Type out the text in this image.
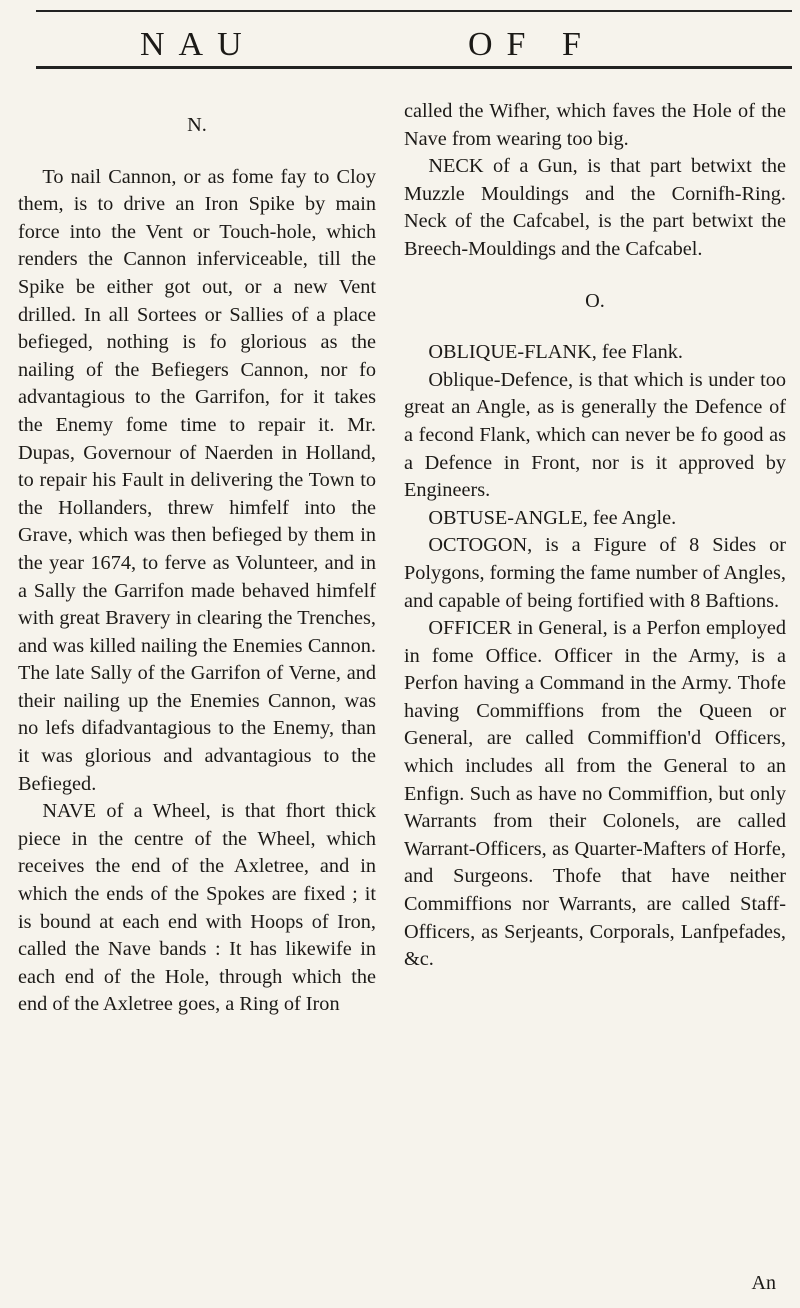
NAU	OF F

N.

To nail Cannon, or as fome fay to Cloy them, is to drive an Iron Spike by main force into the Vent or Touch-hole, which renders the Cannon inferviceable, till the Spike be either got out, or a new Vent drilled. In all Sortees or Sallies of a place befieged, nothing is fo glorious as the nailing of the Befiegers Cannon, nor fo advantagious to the Garrifon, for it takes the Enemy fome time to repair it. Mr. Dupas, Governour of Naerden in Holland, to repair his Fault in delivering the Town to the Hollanders, threw himfelf into the Grave, which was then befieged by them in the year 1674, to ferve as Volunteer, and in a Sally the Garrifon made behaved himfelf with great Bravery in clearing the Trenches, and was killed nailing the Enemies Cannon. The late Sally of the Garrifon of Verne, and their nailing up the Enemies Cannon, was no lefs difadvantagious to the Enemy, than it was glorious and advantagious to the Befieged.

NAVE of a Wheel, is that fhort thick piece in the centre of the Wheel, which receives the end of the Axletree, and in which the ends of the Spokes are fixed ; it is bound at each end with Hoops of Iron, called the Nave bands : It has likewife in each end of the Hole, through which the end of the Axletree goes, a Ring of Iron

called the Wifher, which faves the Hole of the Nave from wearing too big.

NECK of a Gun, is that part betwixt the Muzzle Mouldings and the Cornifh-Ring. Neck of the Cafcabel, is the part betwixt the Breech-Mouldings and the Cafcabel.

O.

OBLIQUE-FLANK, fee Flank.

Oblique-Defence, is that which is under too great an Angle, as is generally the Defence of a fecond Flank, which can never be fo good as a Defence in Front, nor is it approved by Engineers.

OBTUSE-ANGLE, fee Angle.

OCTOGON, is a Figure of 8 Sides or Polygons, forming the fame number of Angles, and capable of being fortified with 8 Baftions.

OFFICER in General, is a Perfon employed in fome Office. Officer in the Army, is a Perfon having a Command in the Army. Thofe having Commiffions from the Queen or General, are called Commiffion'd Officers, which includes all from the General to an Enfign. Such as have no Commiffion, but only Warrants from their Colonels, are called Warrant-Officers, as Quarter-Mafters of Horfe, and Surgeons. Thofe that have neither Commiffions nor Warrants, are called Staff-Officers, as Serjeants, Corporals, Lanfpefades, &c.

An
